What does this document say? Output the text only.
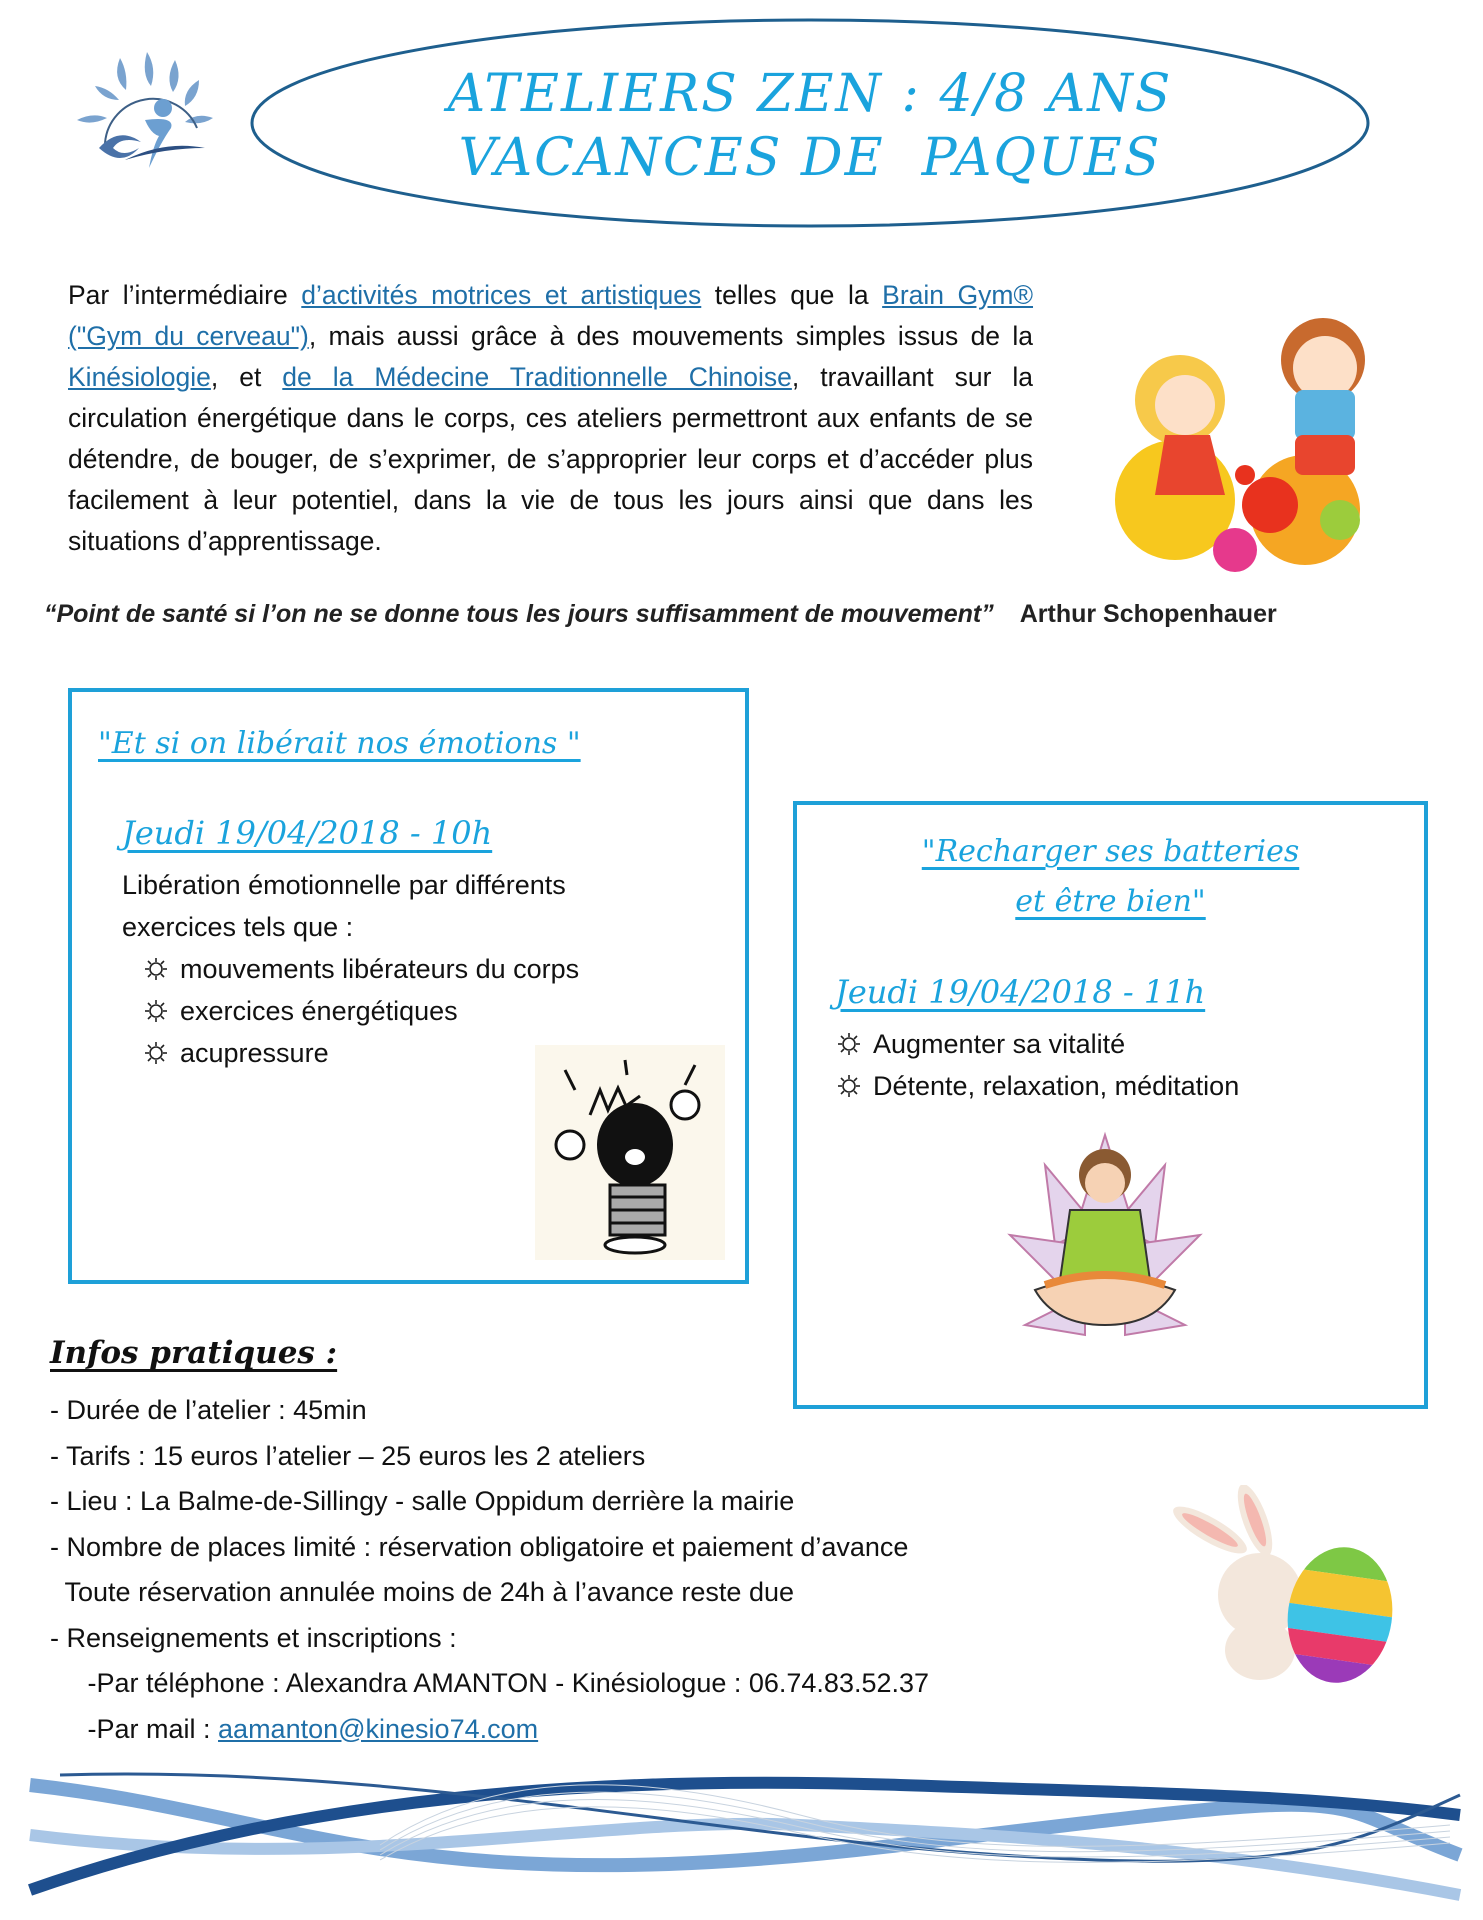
ATELIERS ZEN : 4/8 ANS
VACANCES DE  PAQUES
Par l’intermédiaire d’activités motrices et artistiques telles que la Brain Gym® ("Gym du cerveau"), mais aussi grâce à des mouvements simples issus de la Kinésiologie, et de la Médecine Traditionnelle Chinoise, travaillant sur la circulation énergétique dans le corps, ces ateliers permettront aux enfants de se détendre, de bouger, de s’exprimer, de s’approprier leur corps et d’accéder plus facilement à leur potentiel, dans la vie de tous les jours ainsi que dans les situations d’apprentissage.
“Point de santé si l’on ne se donne tous les jours suffisamment de mouvement” Arthur Schopenhauer
"Et si on libérait nos émotions "
Jeudi 19/04/2018 - 10h
Libération émotionnelle par différents
exercices tels que :
mouvements libérateurs du corps
exercices énergétiques
acupressure
"Recharger ses batteries
et être bien"
Jeudi 19/04/2018 - 11h
Augmenter sa vitalité
Détente, relaxation, méditation
Infos pratiques :
- Durée de l’atelier : 45min
- Tarifs : 15 euros l’atelier – 25 euros les 2 ateliers
- Lieu : La Balme-de-Sillingy - salle Oppidum derrière la mairie
- Nombre de places limité : réservation obligatoire et paiement d’avance
Toute réservation annulée moins de 24h à l’avance reste due
- Renseignements et inscriptions :
-Par téléphone : Alexandra AMANTON - Kinésiologue : 06.74.83.52.37
-Par mail : aamanton@kinesio74.com
